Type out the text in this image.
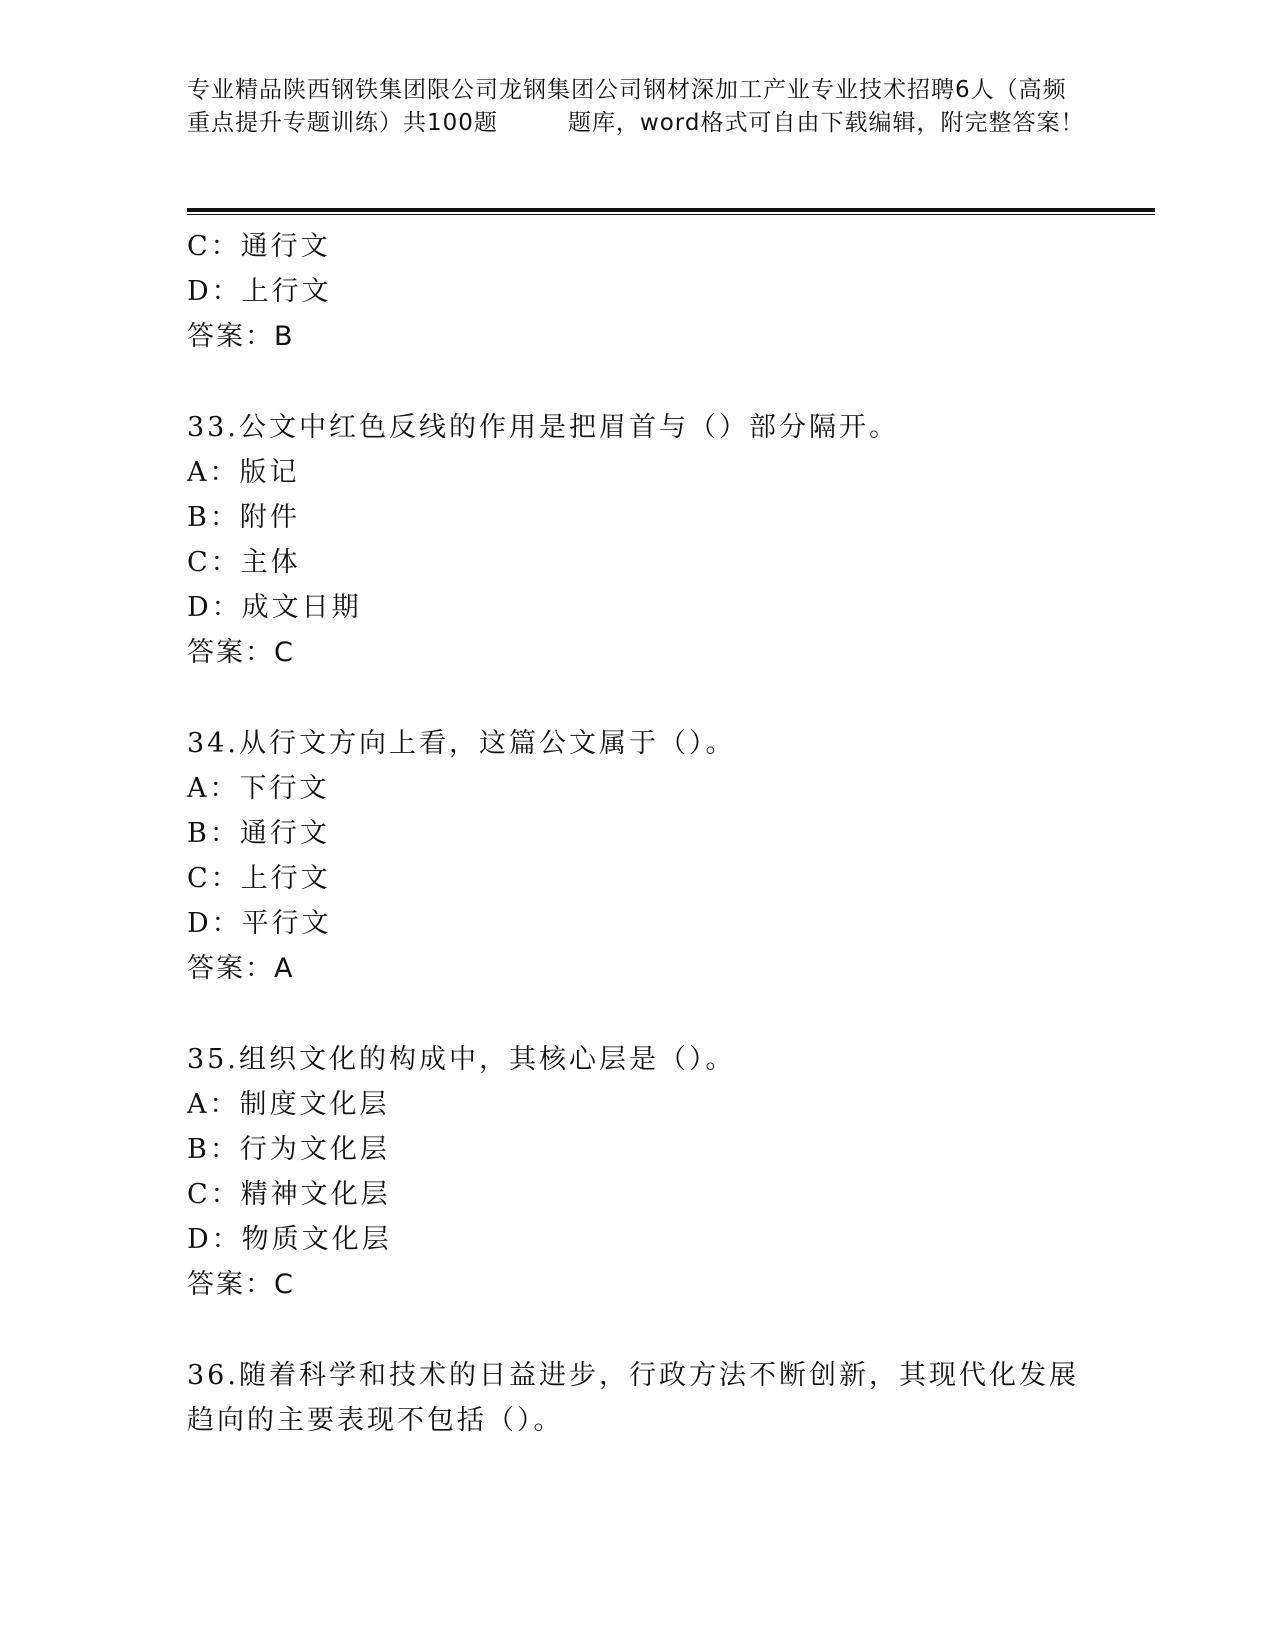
专业精品陕西钢铁集团限公司龙钢集团公司钢材深加工产业专业技术招聘6人（高频重点提升专题训练）共100题	题库，word格式可自由下载编辑，附完整答案！
C：通行文
D：上行文
答案：B
33.公文中红色反线的作用是把眉首与（）部分隔开。
A：版记
B：附件
C：主体
D：成文日期
答案：C
34.从行文方向上看，这篇公文属于（）。
A：下行文
B：通行文
C：上行文
D：平行文
答案：A
35.组织文化的构成中，其核心层是（）。
A：制度文化层
B：行为文化层
C：精神文化层
D：物质文化层
答案：C
36.随着科学和技术的日益进步，行政方法不断创新，其现代化发展趋向的主要表现不包括（）。
